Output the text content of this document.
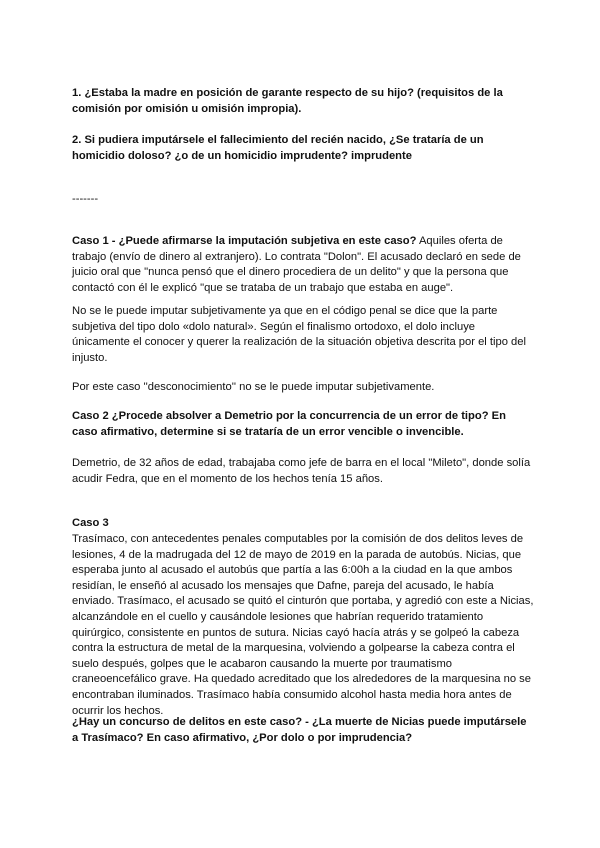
1. ¿Estaba la madre en posición de garante respecto de su hijo? (requisitos de la comisión por omisión u omisión impropia).

2. Si pudiera imputársele el fallecimiento del recién nacido, ¿Se trataría de un homicidio doloso? ¿o de un homicidio imprudente? imprudente

-------

Caso 1 - ¿Puede afirmarse la imputación subjetiva en este caso? Aquiles oferta de trabajo (envío de dinero al extranjero). Lo contrata "Dolon". El acusado declaró en sede de juicio oral que "nunca pensó que el dinero procediera de un delito" y que la persona que contactó con él le explicó "que se trataba de un trabajo que estaba en auge".

No se le puede imputar subjetivamente ya que en el código penal se dice que la parte subjetiva del tipo dolo «dolo natural». Según el finalismo ortodoxo, el dolo incluye únicamente el conocer y querer la realización de la situación objetiva descrita por el tipo del injusto.

Por este caso ''desconocimiento'' no se le puede imputar subjetivamente.

Caso 2 ¿Procede absolver a Demetrio por la concurrencia de un error de tipo? En caso afirmativo, determine si se trataría de un error vencible o invencible.

Demetrio, de 32 años de edad, trabajaba como jefe de barra en el local "Mileto", donde solía acudir Fedra, que en el momento de los hechos tenía 15 años.

Caso 3

Trasímaco, con antecedentes penales computables por la comisión de dos delitos leves de lesiones, 4 de la madrugada del 12 de mayo de 2019 en la parada de autobús. Nicias, que esperaba junto al acusado el autobús que partía a las 6:00h a la ciudad en la que ambos residían, le enseñó al acusado los mensajes que Dafne, pareja del acusado, le había enviado. Trasímaco, el acusado se quitó el cinturón que portaba, y agredió con este a Nicias, alcanzándole en el cuello y causándole lesiones que habrían requerido tratamiento quirúrgico, consistente en puntos de sutura. Nicias cayó hacía atrás y se golpeó la cabeza contra la estructura de metal de la marquesina, volviendo a golpearse la cabeza contra el suelo después, golpes que le acabaron causando la muerte por traumatismo craneoencefálico grave. Ha quedado acreditado que los alrededores de la marquesina no se encontraban iluminados. Trasímaco había consumido alcohol hasta media hora antes de ocurrir los hechos.

¿Hay un concurso de delitos en este caso? - ¿La muerte de Nicias puede imputársele a Trasímaco? En caso afirmativo, ¿Por dolo o por imprudencia?
